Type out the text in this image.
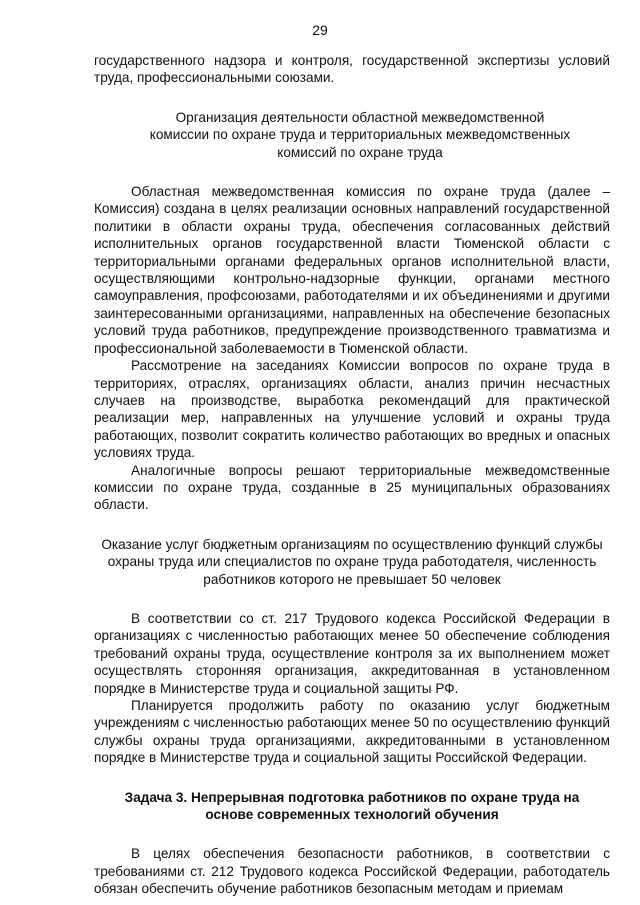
29

государственного надзора и контроля, государственной экспертизы условий труда, профессиональными союзами.

Организация деятельности областной межведомственной комиссии по охране труда и территориальных межведомственных комиссий по охране труда

Областная межведомственная комиссия по охране труда (далее – Комиссия) создана в целях реализации основных направлений государственной политики в области охраны труда, обеспечения согласованных действий исполнительных органов государственной власти Тюменской области с территориальными органами федеральных органов исполнительной власти, осуществляющими контрольно-надзорные функции, органами местного самоуправления, профсоюзами, работодателями и их объединениями и другими заинтересованными организациями, направленных на обеспечение безопасных условий труда работников, предупреждение производственного травматизма и профессиональной заболеваемости в Тюменской области.

Рассмотрение на заседаниях Комиссии вопросов по охране труда в территориях, отраслях, организациях области, анализ причин несчастных случаев на производстве, выработка рекомендаций для практической реализации мер, направленных на улучшение условий и охраны труда работающих, позволит сократить количество работающих во вредных и опасных условиях труда.

Аналогичные вопросы решают территориальные межведомственные комиссии по охране труда, созданные в 25 муниципальных образованиях области.

Оказание услуг бюджетным организациям по осуществлению функций службы охраны труда или специалистов по охране труда работодателя, численность работников которого не превышает 50 человек

В соответствии со ст. 217 Трудового кодекса Российской Федерации в организациях с численностью работающих менее 50 обеспечение соблюдения требований охраны труда, осуществление контроля за их выполнением может осуществлять сторонняя организация, аккредитованная в установленном порядке в Министерстве труда и социальной защиты РФ.

Планируется продолжить работу по оказанию услуг бюджетным учреждениям с численностью работающих менее 50 по осуществлению функций службы охраны труда организациями, аккредитованными в установленном порядке в Министерстве труда и социальной защиты Российской Федерации.

Задача 3. Непрерывная подготовка работников по охране труда на основе современных технологий обучения

В целях обеспечения безопасности работников, в соответствии с требованиями ст. 212 Трудового кодекса Российской Федерации, работодатель обязан обеспечить обучение работников безопасным методам и приемам
